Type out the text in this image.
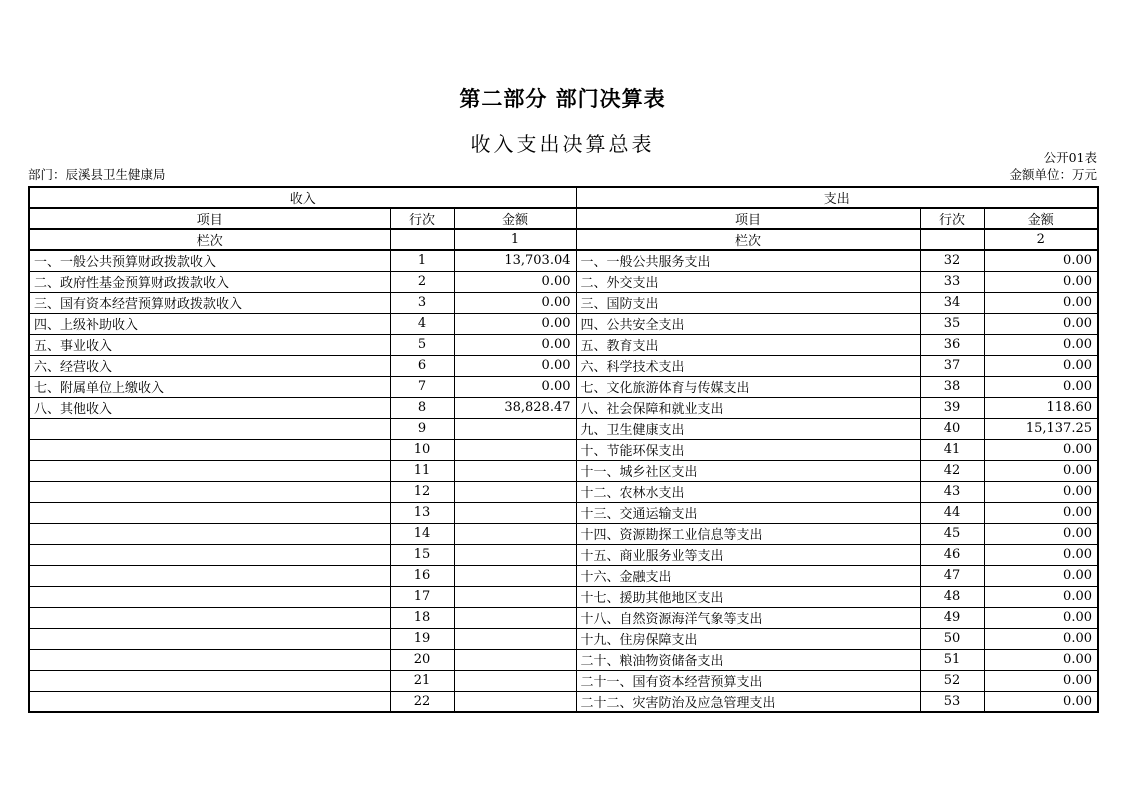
第二部分 部门决算表
收入支出决算总表
公开01表
部门：辰溪县卫生健康局	金额单位：万元
收入			支出		
项目	行次	金额	项目	行次	金额
栏次		1	栏次		2
一、一般公共预算财政拨款收入	1	13,703.04	一、一般公共服务支出	32	0.00
二、政府性基金预算财政拨款收入	2	0.00	二、外交支出	33	0.00
三、国有资本经营预算财政拨款收入	3	0.00	三、国防支出	34	0.00
四、上级补助收入	4	0.00	四、公共安全支出	35	0.00
五、事业收入	5	0.00	五、教育支出	36	0.00
六、经营收入	6	0.00	六、科学技术支出	37	0.00
七、附属单位上缴收入	7	0.00	七、文化旅游体育与传媒支出	38	0.00
八、其他收入	8	38,828.47	八、社会保障和就业支出	39	118.60
	9		九、卫生健康支出	40	15,137.25
	10		十、节能环保支出	41	0.00
	11		十一、城乡社区支出	42	0.00
	12		十二、农林水支出	43	0.00
	13		十三、交通运输支出	44	0.00
	14		十四、资源勘探工业信息等支出	45	0.00
	15		十五、商业服务业等支出	46	0.00
	16		十六、金融支出	47	0.00
	17		十七、援助其他地区支出	48	0.00
	18		十八、自然资源海洋气象等支出	49	0.00
	19		十九、住房保障支出	50	0.00
	20		二十、粮油物资储备支出	51	0.00
	21		二十一、国有资本经营预算支出	52	0.00
	22		二十二、灾害防治及应急管理支出	53	0.00
